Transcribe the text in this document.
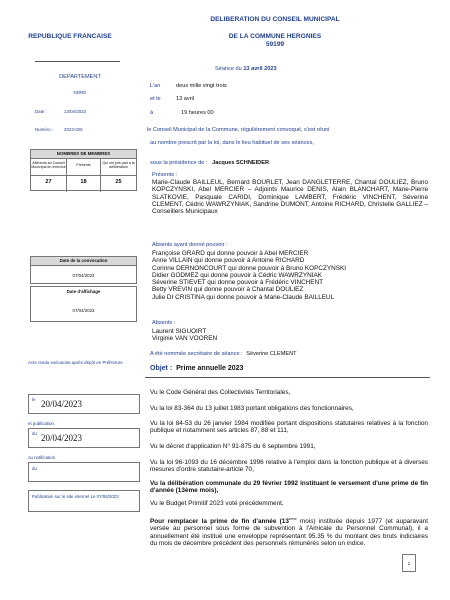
DELIBERATION DU CONSEIL MUNICIPAL
REPUBLIQUE FRANCAISE	DE LA COMMUNE HERGNIES
59199
DEPARTEMENT
NORD
Date :	13/04/2023
Numéro : 2023-025
NOMBRES DE MEMBRES
Afférents au Conseil Municipal en exercice	Présents	Qui ont pris part à la délibération
27	18	25
Date de la convocation
07/04/2023
Date d'affichage
07/04/2023
Acte rendu exécutoire après dépôt en Préfecture
le 20/04/2023
et publication.
du 20/04/2023
ou notification
du
Publication sur le site internet Le 07/06/2023
Séance du 13 avril 2023
L'an	deux mille vingt trois
et le	13 avril
à	19 heures 00
le Conseil Municipal de la Commune, régulièrement convoqué, s'est réuni
au nombre prescrit par la loi, dans le lieu habituel de ses séances,
sous la présidence de : Jacques SCHNEIDER
Présents :
Marie-Claude BAILLEUL, Bernard BOURLET, Jean DANGLETERRE, Chantal DOULIEZ, Bruno KOPCZYNSKI, Abel MERCIER – Adjoints Maurice DENIS, Alain BLANCHART, Marie-Pierre SLATKOVIE, Pasquale CARIDI, Dominique LAMBERT, Frédéric VINCHENT, Séverine CLEMENT, Cédric WAWRZYNIAK, Sandrine DUMONT, Antoine RICHARD, Christelle GALLIEZ – Conseillers Municipaux
Absents ayant donné pouvoir :
Françoise GRARD qui donne pouvoir à Abel MERCIER
Anne VILLAIN qui donne pouvoir à Antoine RICHARD
Corinne DERNONCOURT qui donne pouvoir à Bruno KOPCZYNSKI
Didier GODMEZ qui donne pouvoir à Cédric WAWRZYNIAK
Séverine STIEVET qui donne pouvoir à Frédéric VINCHENT
Betty VREVIN qui donne pouvoir à Chantal DOULIEZ
Julie DI CRISTINA qui donne pouvoir à Marie-Claude BAILLEUL
Absents :
Laurent SIGUOIRT
Virginie VAN VOOREN
A été nommée secrétaire de séance : Séverine CLEMENT
Objet : Prime annuelle 2023
Vu le Code Général des Collectivités Territoriales,
Vu la loi 83-364 du 13 juillet 1983 portant obligations des fonctionnaires,
Vu la loi 84-53 du 26 janvier 1984 modifiée portant dispositions statutaires relatives à la fonction publique et notamment ses articles 87, 88 et 111,
Vu le décret d'application N° 91-875 du 6 septembre 1991,
Vu la loi 96-1093 du 16 décembre 1996 relative à l'emploi dans la fonction publique et à diverses mesures d'ordre statutaire-article 70,
Vu la délibération communale du 29 février 1992 instituant le versement d'une prime de fin d'année (13ème mois),
Vu le Budget Primitif 2023 voté précédemment,
Pour remplacer la prime de fin d'année (13ème mois) instituée depuis 1977 (et auparavant versée au personnel sous forme de subvention à l'Amicale du Personnel Communal), il a annuellement été institué une enveloppe représentant 95.35 % du montant des bruts indiciaires du mois de décembre précédent des personnels rémunérés selon un indice.
1
